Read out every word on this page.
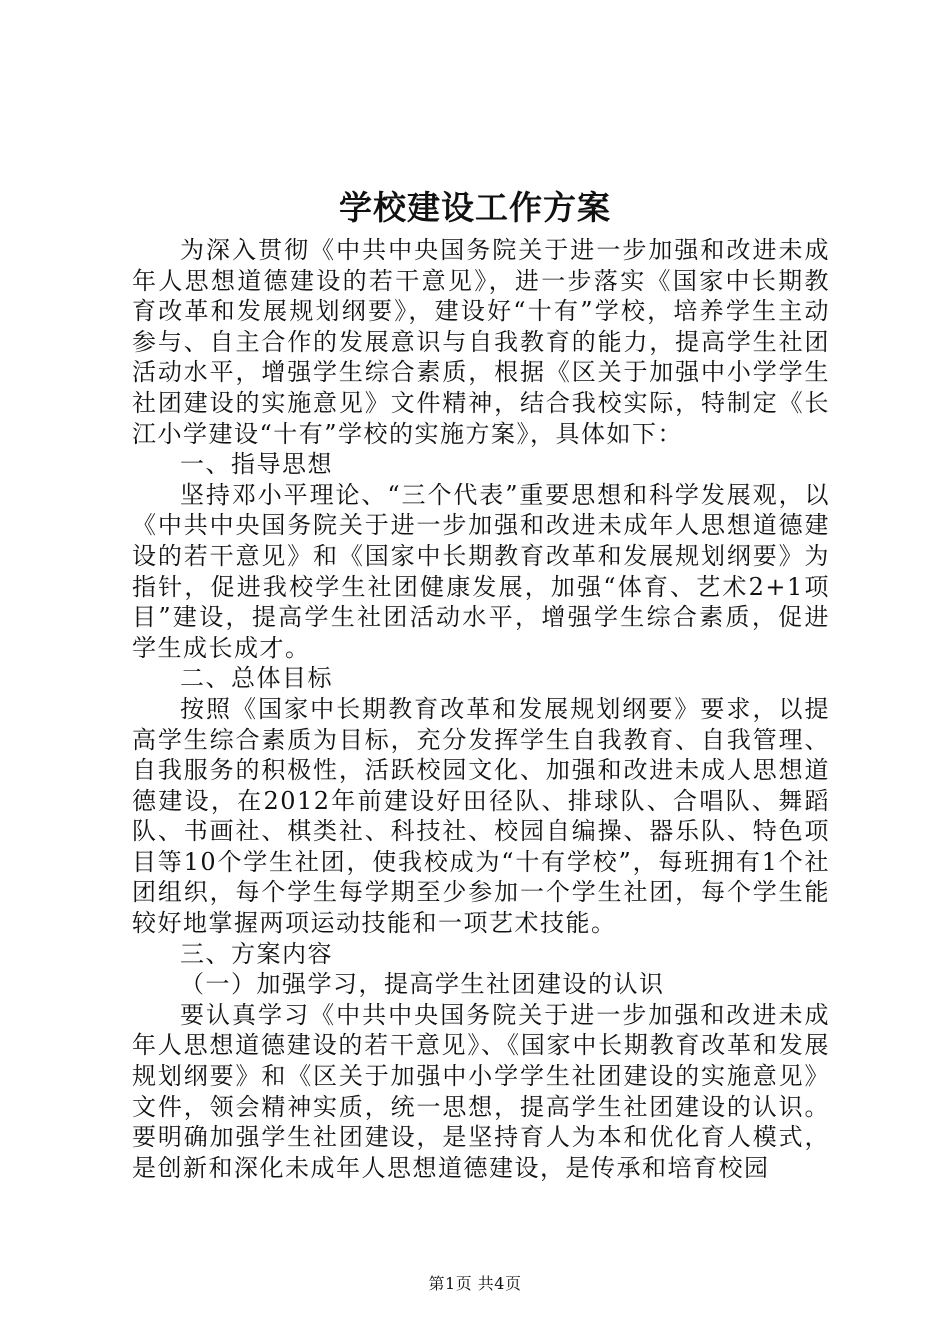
学校建设工作方案

为深入贯彻《中共中央国务院关于进一步加强和改进未成年人思想道德建设的若干意见》，进一步落实《国家中长期教育改革和发展规划纲要》，建设好“十有”学校，培养学生主动参与、自主合作的发展意识与自我教育的能力，提高学生社团活动水平，增强学生综合素质，根据《区关于加强中小学学生社团建设的实施意见》文件精神，结合我校实际，特制定《长江小学建设“十有”学校的实施方案》，具体如下：

一、指导思想

坚持邓小平理论、“三个代表”重要思想和科学发展观，以《中共中央国务院关于进一步加强和改进未成年人思想道德建设的若干意见》和《国家中长期教育改革和发展规划纲要》为指针，促进我校学生社团健康发展，加强“体育、艺术2+1项目”建设，提高学生社团活动水平，增强学生综合素质，促进学生成长成才。

二、总体目标

按照《国家中长期教育改革和发展规划纲要》要求，以提高学生综合素质为目标，充分发挥学生自我教育、自我管理、自我服务的积极性，活跃校园文化、加强和改进未成人思想道德建设，在2012年前建设好田径队、排球队、合唱队、舞蹈队、书画社、棋类社、科技社、校园自编操、器乐队、特色项目等10个学生社团，使我校成为“十有学校”，每班拥有1个社团组织，每个学生每学期至少参加一个学生社团，每个学生能较好地掌握两项运动技能和一项艺术技能。

三、方案内容

（一）加强学习，提高学生社团建设的认识

要认真学习《中共中央国务院关于进一步加强和改进未成年人思想道德建设的若干意见》、《国家中长期教育改革和发展规划纲要》和《区关于加强中小学学生社团建设的实施意见》文件，领会精神实质，统一思想，提高学生社团建设的认识。要明确加强学生社团建设，是坚持育人为本和优化育人模式，是创新和深化未成年人思想道德建设，是传承和培育校园

第1页 共4页
